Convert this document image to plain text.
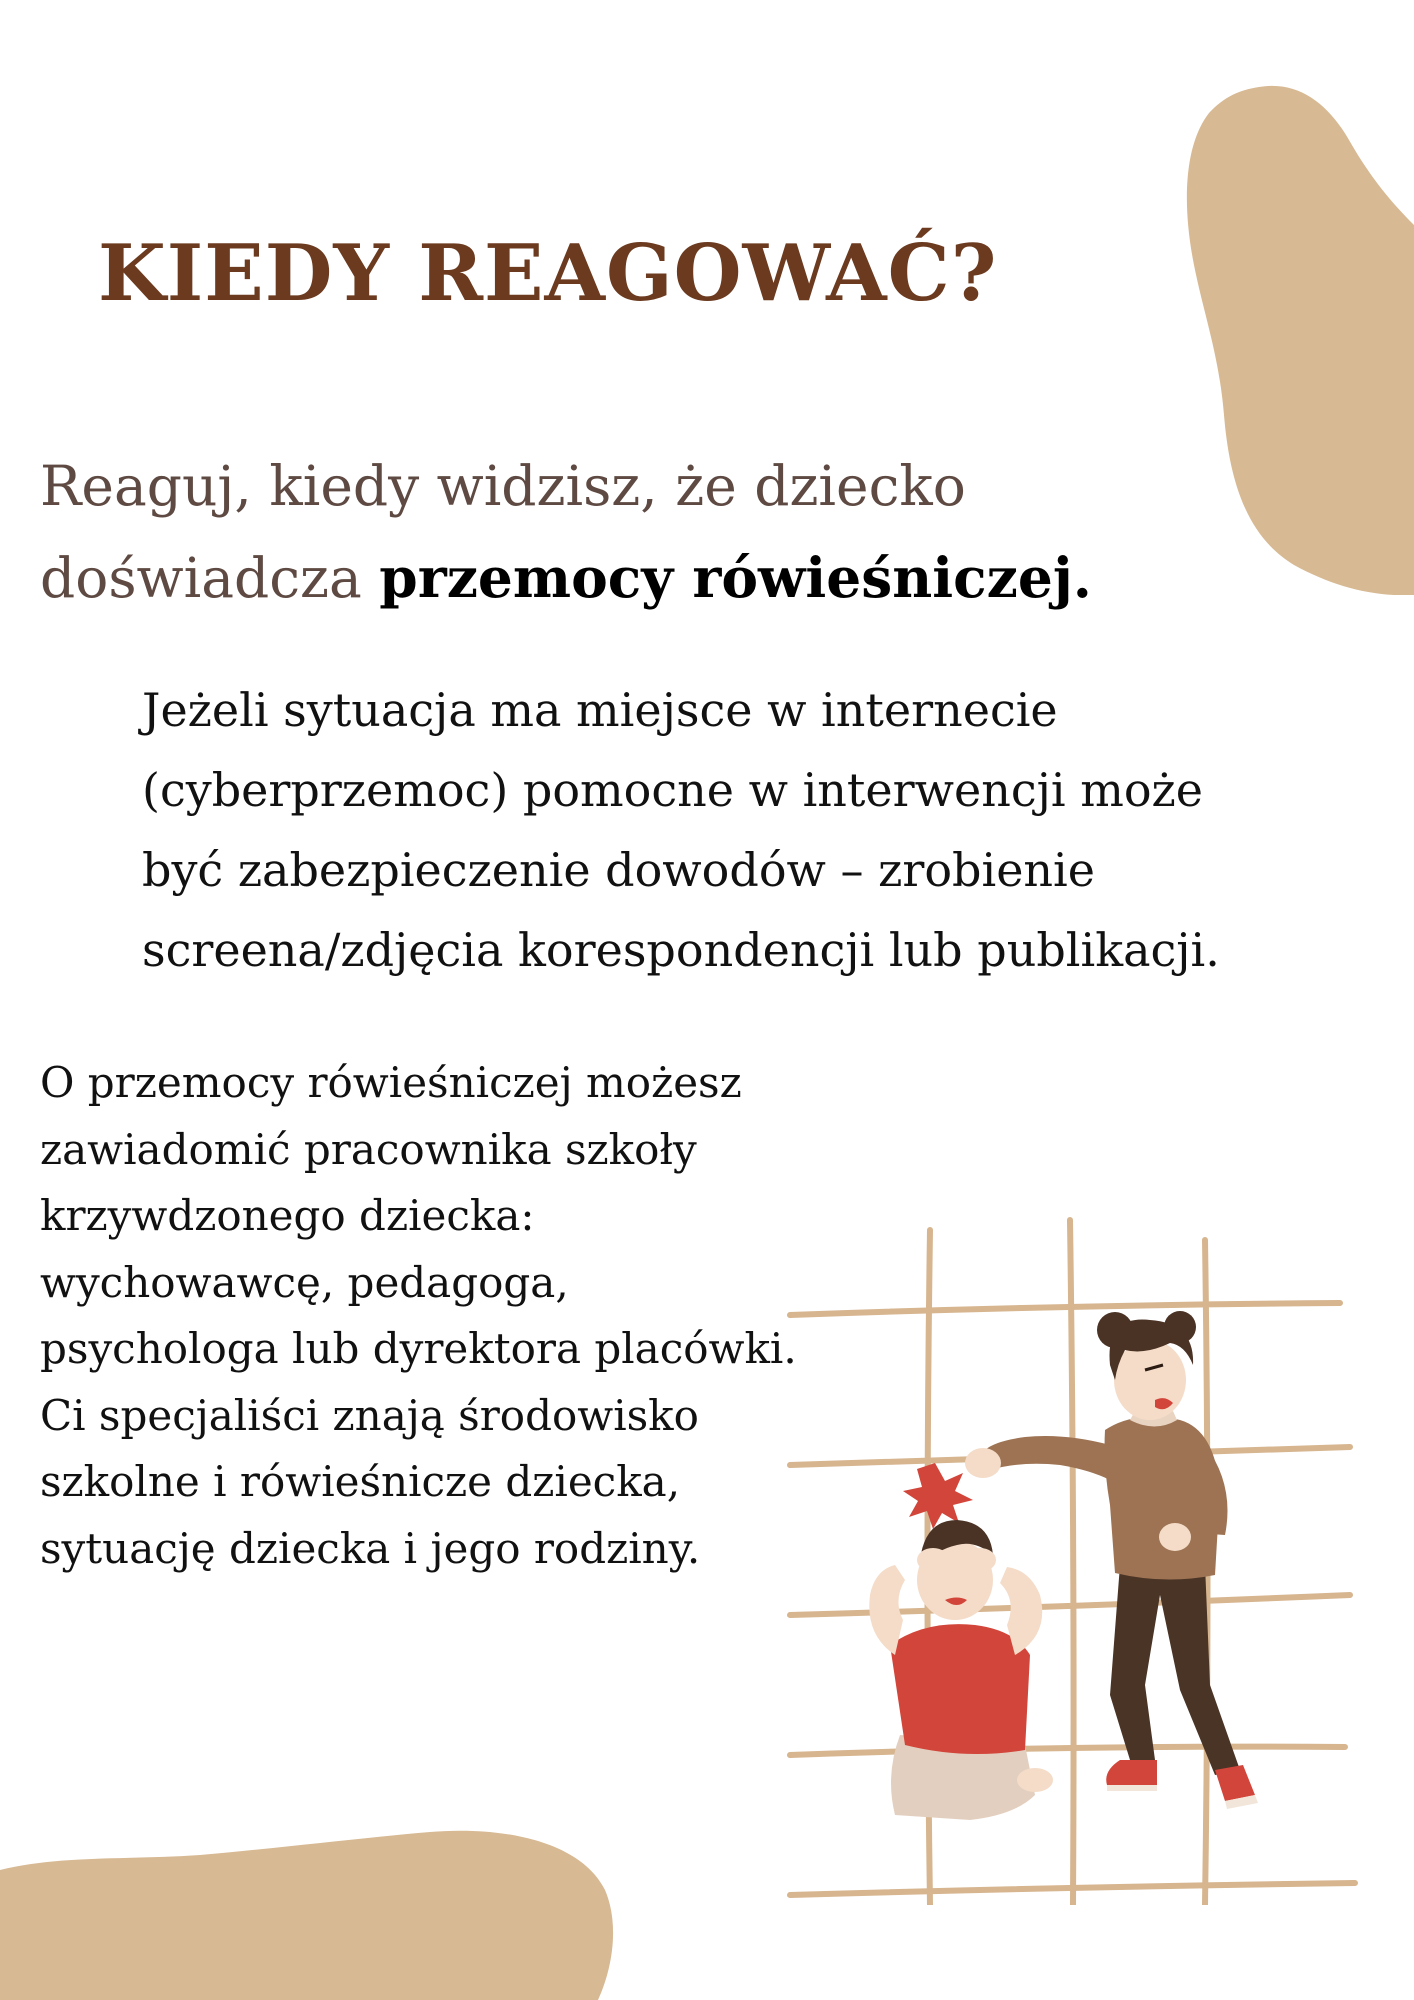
KIEDY REAGOWAĆ?

Reaguj, kiedy widzisz, że dziecko
doświadcza przemocy rówieśniczej.

Jeżeli sytuacja ma miejsce w internecie
(cyberprzemoc) pomocne w interwencji może
być zabezpieczenie dowodów – zrobienie
screena/zdjęcia korespondencji lub publikacji.

O przemocy rówieśniczej możesz
zawiadomić pracownika szkoły
krzywdzonego dziecka:
wychowawcę, pedagoga,
psychologa lub dyrektora placówki.
Ci specjaliści znają środowisko
szkolne i rówieśnicze dziecka,
sytuację dziecka i jego rodziny.
